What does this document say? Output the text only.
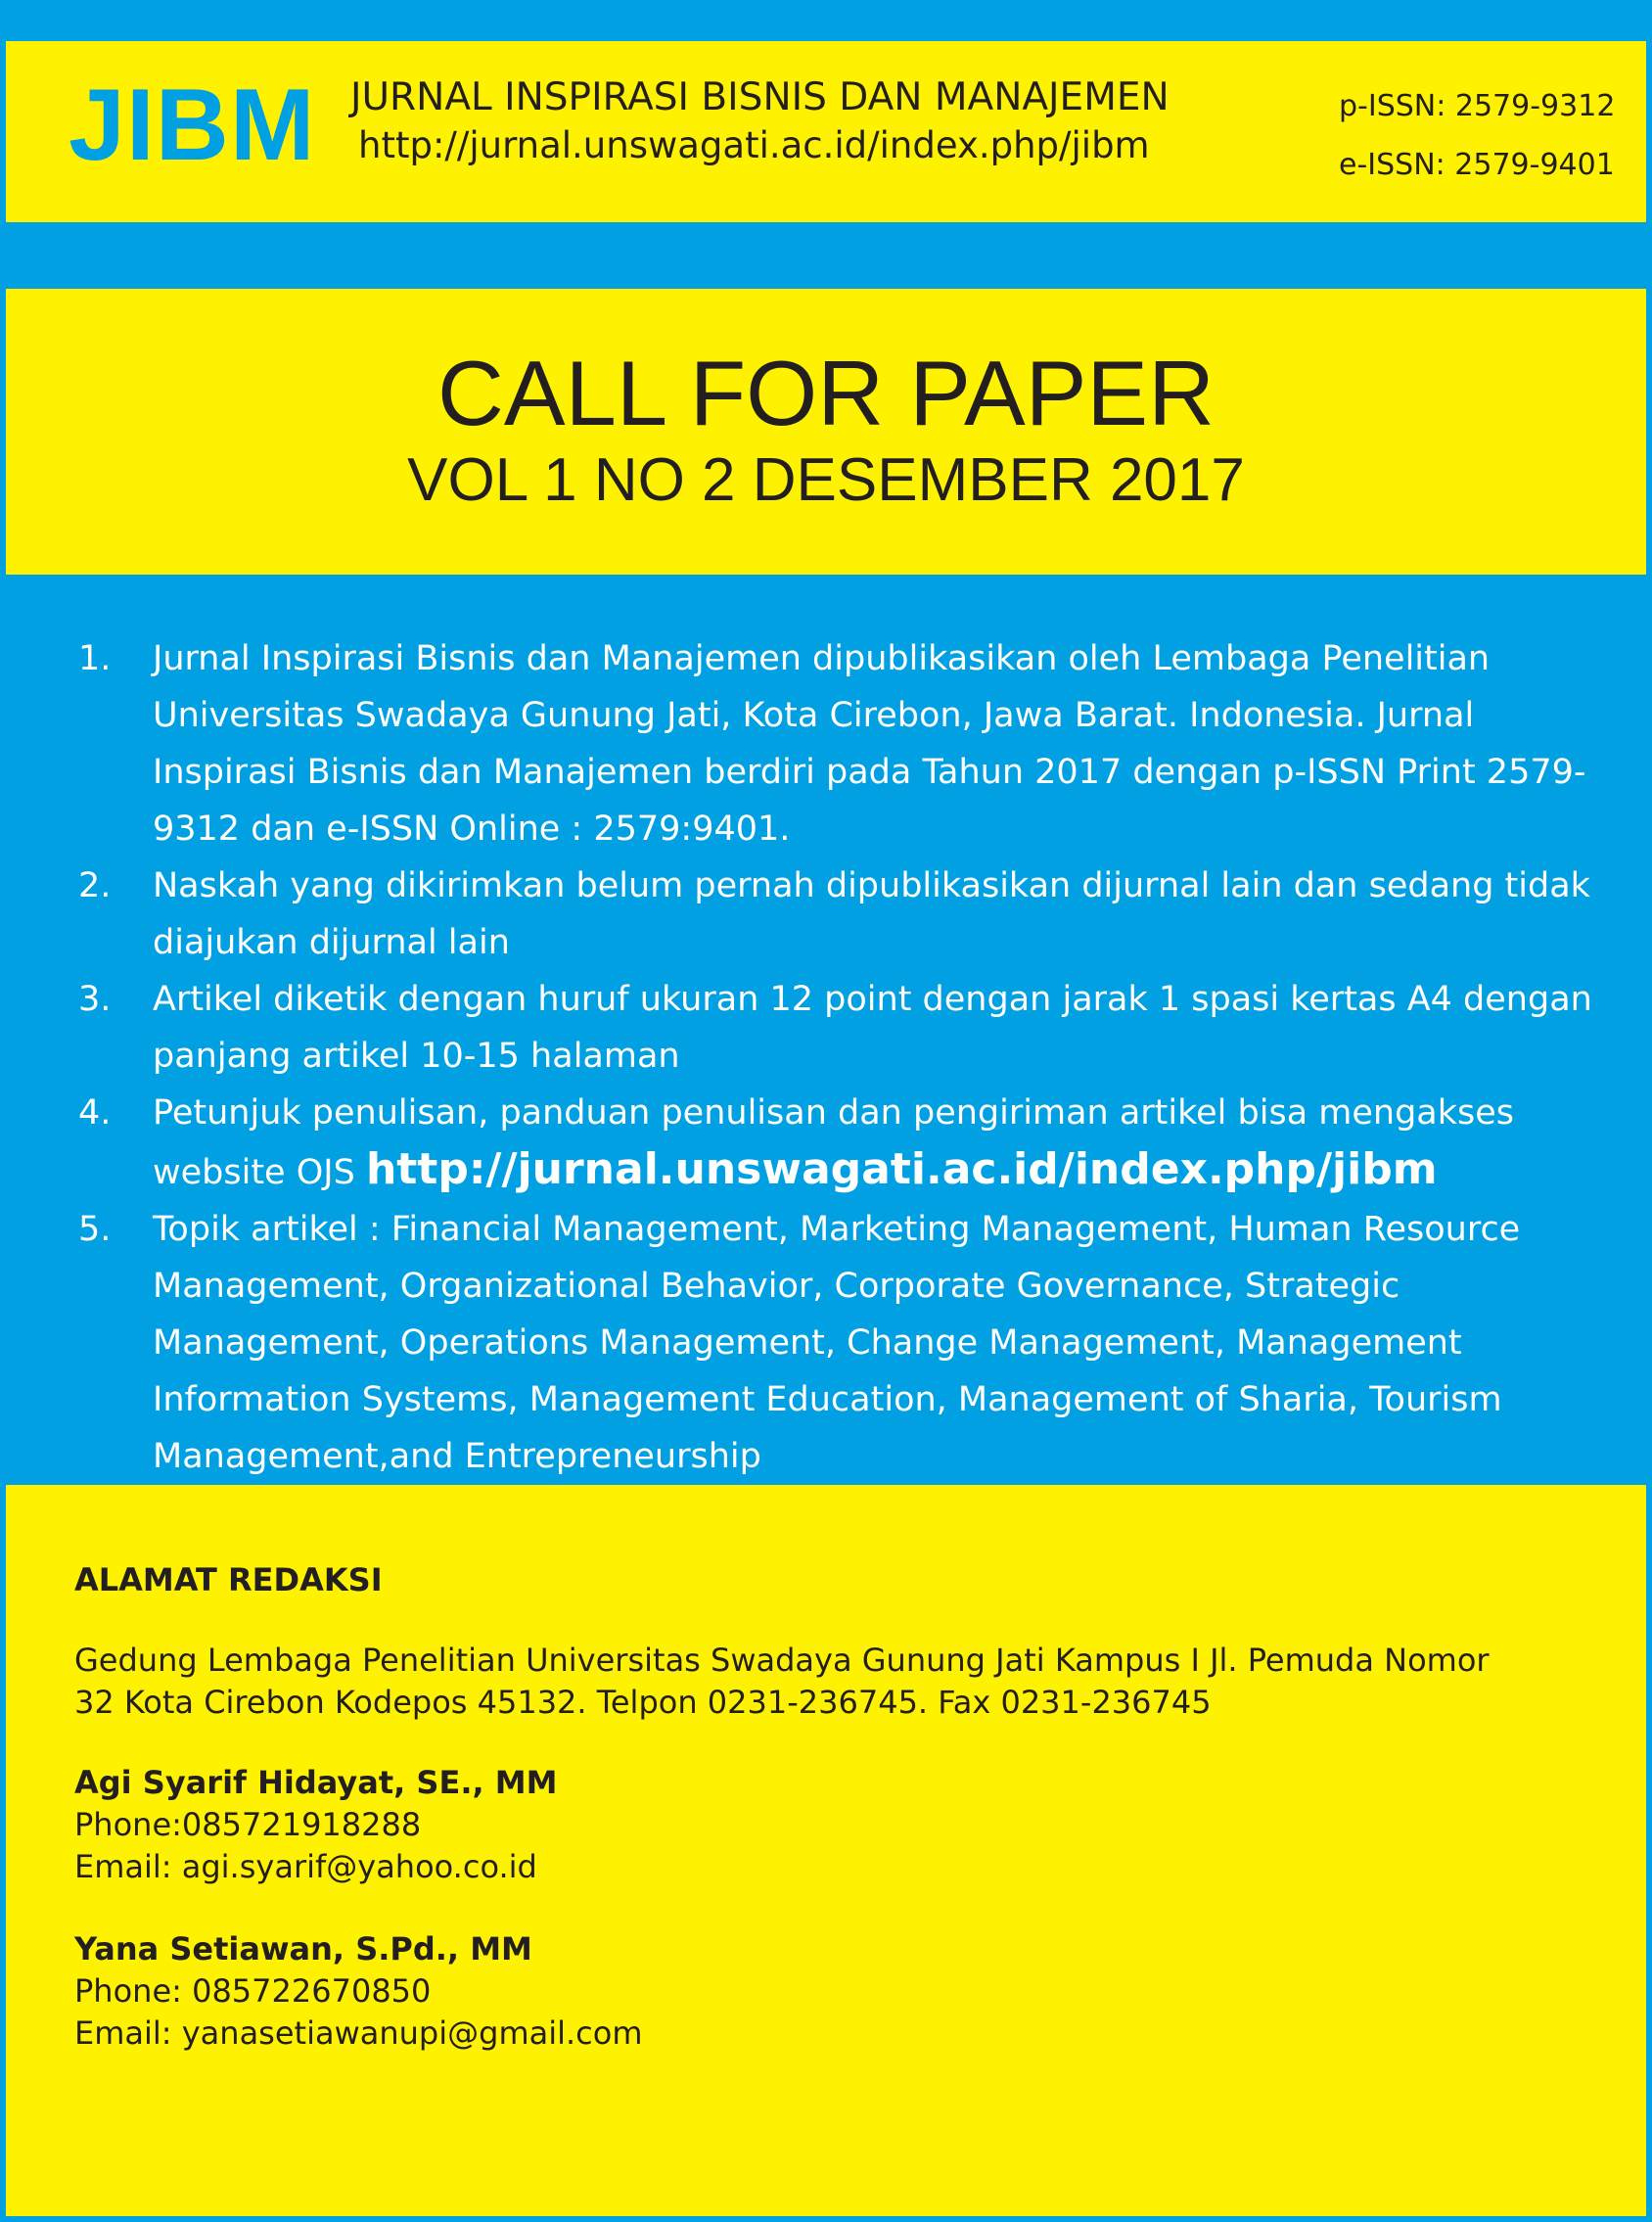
JIBM JURNAL INSPIRASI BISNIS DAN MANAJEMEN
http://jurnal.unswagati.ac.id/index.php/jibm
p-ISSN: 2579-9312
e-ISSN: 2579-9401
CALL FOR PAPER
VOL 1 NO 2 DESEMBER 2017
1. Jurnal Inspirasi Bisnis dan Manajemen dipublikasikan oleh Lembaga Penelitian Universitas Swadaya Gunung Jati, Kota Cirebon, Jawa Barat. Indonesia. Jurnal Inspirasi Bisnis dan Manajemen berdiri pada Tahun 2017 dengan p-ISSN Print 2579-9312 dan e-ISSN Online : 2579:9401.
2. Naskah yang dikirimkan belum pernah dipublikasikan dijurnal lain dan sedang tidak diajukan dijurnal lain
3. Artikel diketik dengan huruf ukuran 12 point dengan jarak 1 spasi kertas A4 dengan panjang artikel 10-15 halaman
4. Petunjuk penulisan, panduan penulisan dan pengiriman artikel bisa mengakses website OJS http://jurnal.unswagati.ac.id/index.php/jibm
5. Topik artikel : Financial Management, Marketing Management, Human Resource Management, Organizational Behavior, Corporate Governance, Strategic Management, Operations Management, Change Management, Management Information Systems, Management Education, Management of Sharia, Tourism Management,and Entrepreneurship
ALAMAT REDAKSI
Gedung Lembaga Penelitian Universitas Swadaya Gunung Jati Kampus I Jl. Pemuda Nomor
32 Kota Cirebon Kodepos 45132. Telpon 0231-236745. Fax 0231-236745
Agi Syarif Hidayat, SE., MM
Phone:085721918288
Email: agi.syarif@yahoo.co.id
Yana Setiawan, S.Pd., MM
Phone: 085722670850
Email: yanasetiawanupi@gmail.com
